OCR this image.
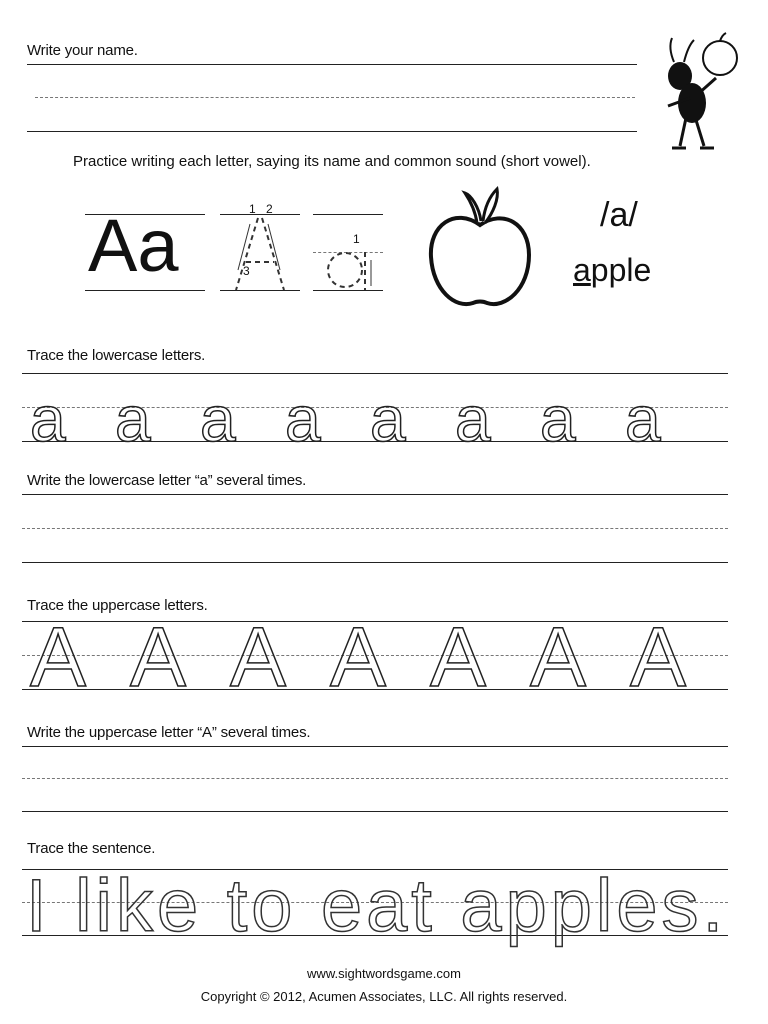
Write your name.
Practice writing each letter, saying its name and common sound (short vowel).
Aa	1 2
3
1
/a/
apple
Trace the lowercase letters.
a a a a a a a a
Write the lowercase letter “a” several times.
Trace the uppercase letters.
A A A A A A A
Write the uppercase letter “A” several times.
Trace the sentence.
I like to eat apples.
www.sightwordsgame.com
Copyright © 2012, Acumen Associates, LLC. All rights reserved.
